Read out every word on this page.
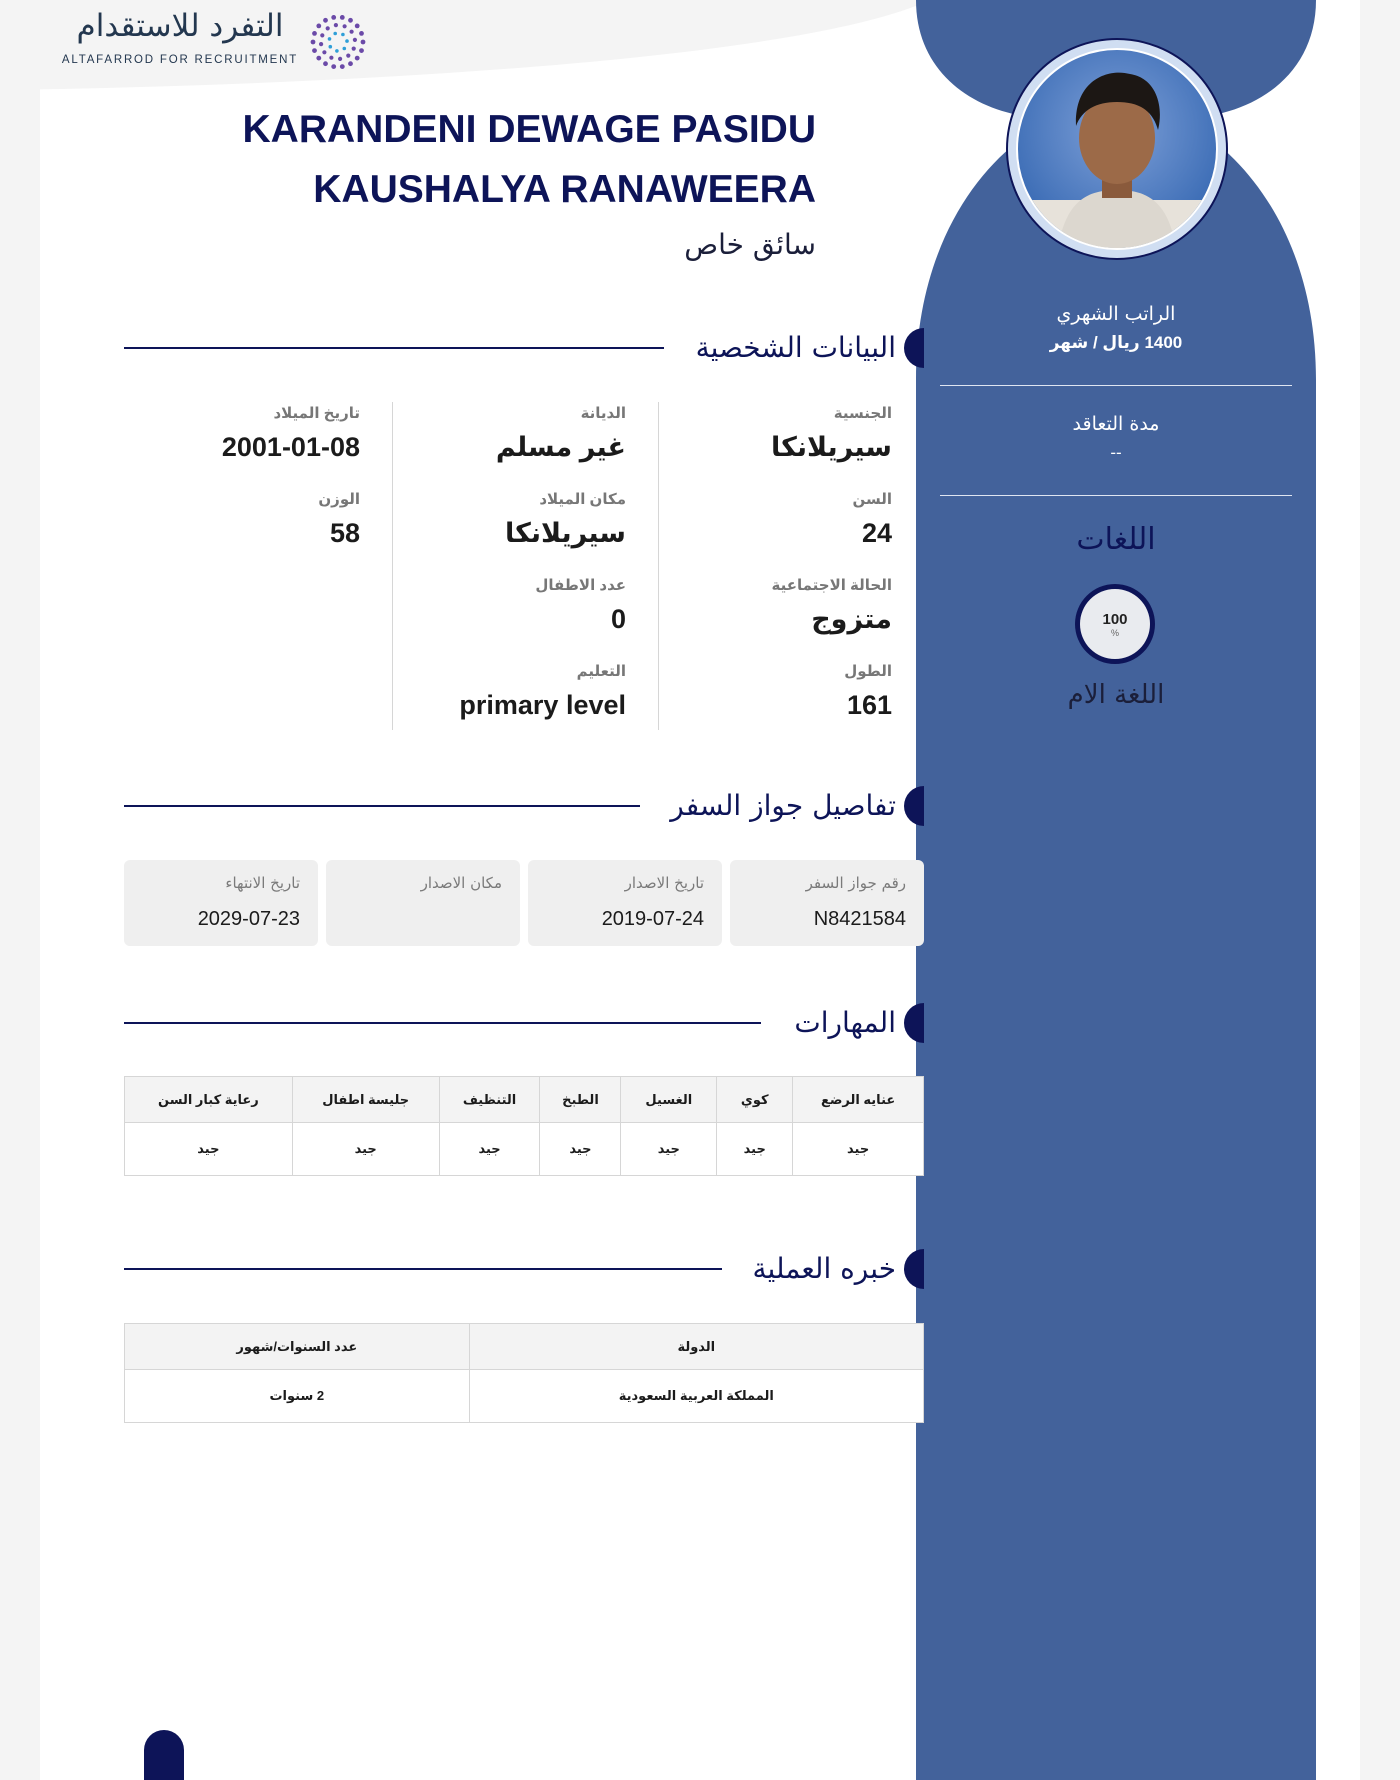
التفرد للاستقدام
ALTAFARROD FOR RECRUITMENT
الراتب الشهري
1400 ريال / شهر
مدة التعاقد
--
اللغات
100
%
اللغة الام
KARANDENI DEWAGE PASIDU
KAUSHALYA RANAWEERA
سائق خاص
البيانات الشخصية
الجنسية
سيريلانكا
السن
24
الحالة الاجتماعية
متزوج
الطول
161
الديانة
غير مسلم
مكان الميلاد
سيريلانكا
عدد الاطفال
0
التعليم
primary level
تاريخ الميلاد
2001-01-08
الوزن
58
تفاصيل جواز السفر
رقم جواز السفر
N8421584
تاريخ الاصدار
2019-07-24
مكان الاصدار
تاريخ الانتهاء
2029-07-23
المهارات
عنايه الرضع	كوي	الغسيل	الطبخ	التنظيف	جليسة اطفال	رعاية كبار السن
جيد	جيد	جيد	جيد	جيد	جيد	جيد
خبره العملية
الدولة	عدد السنوات/شهور
المملكة العربية السعودية	2 سنوات
